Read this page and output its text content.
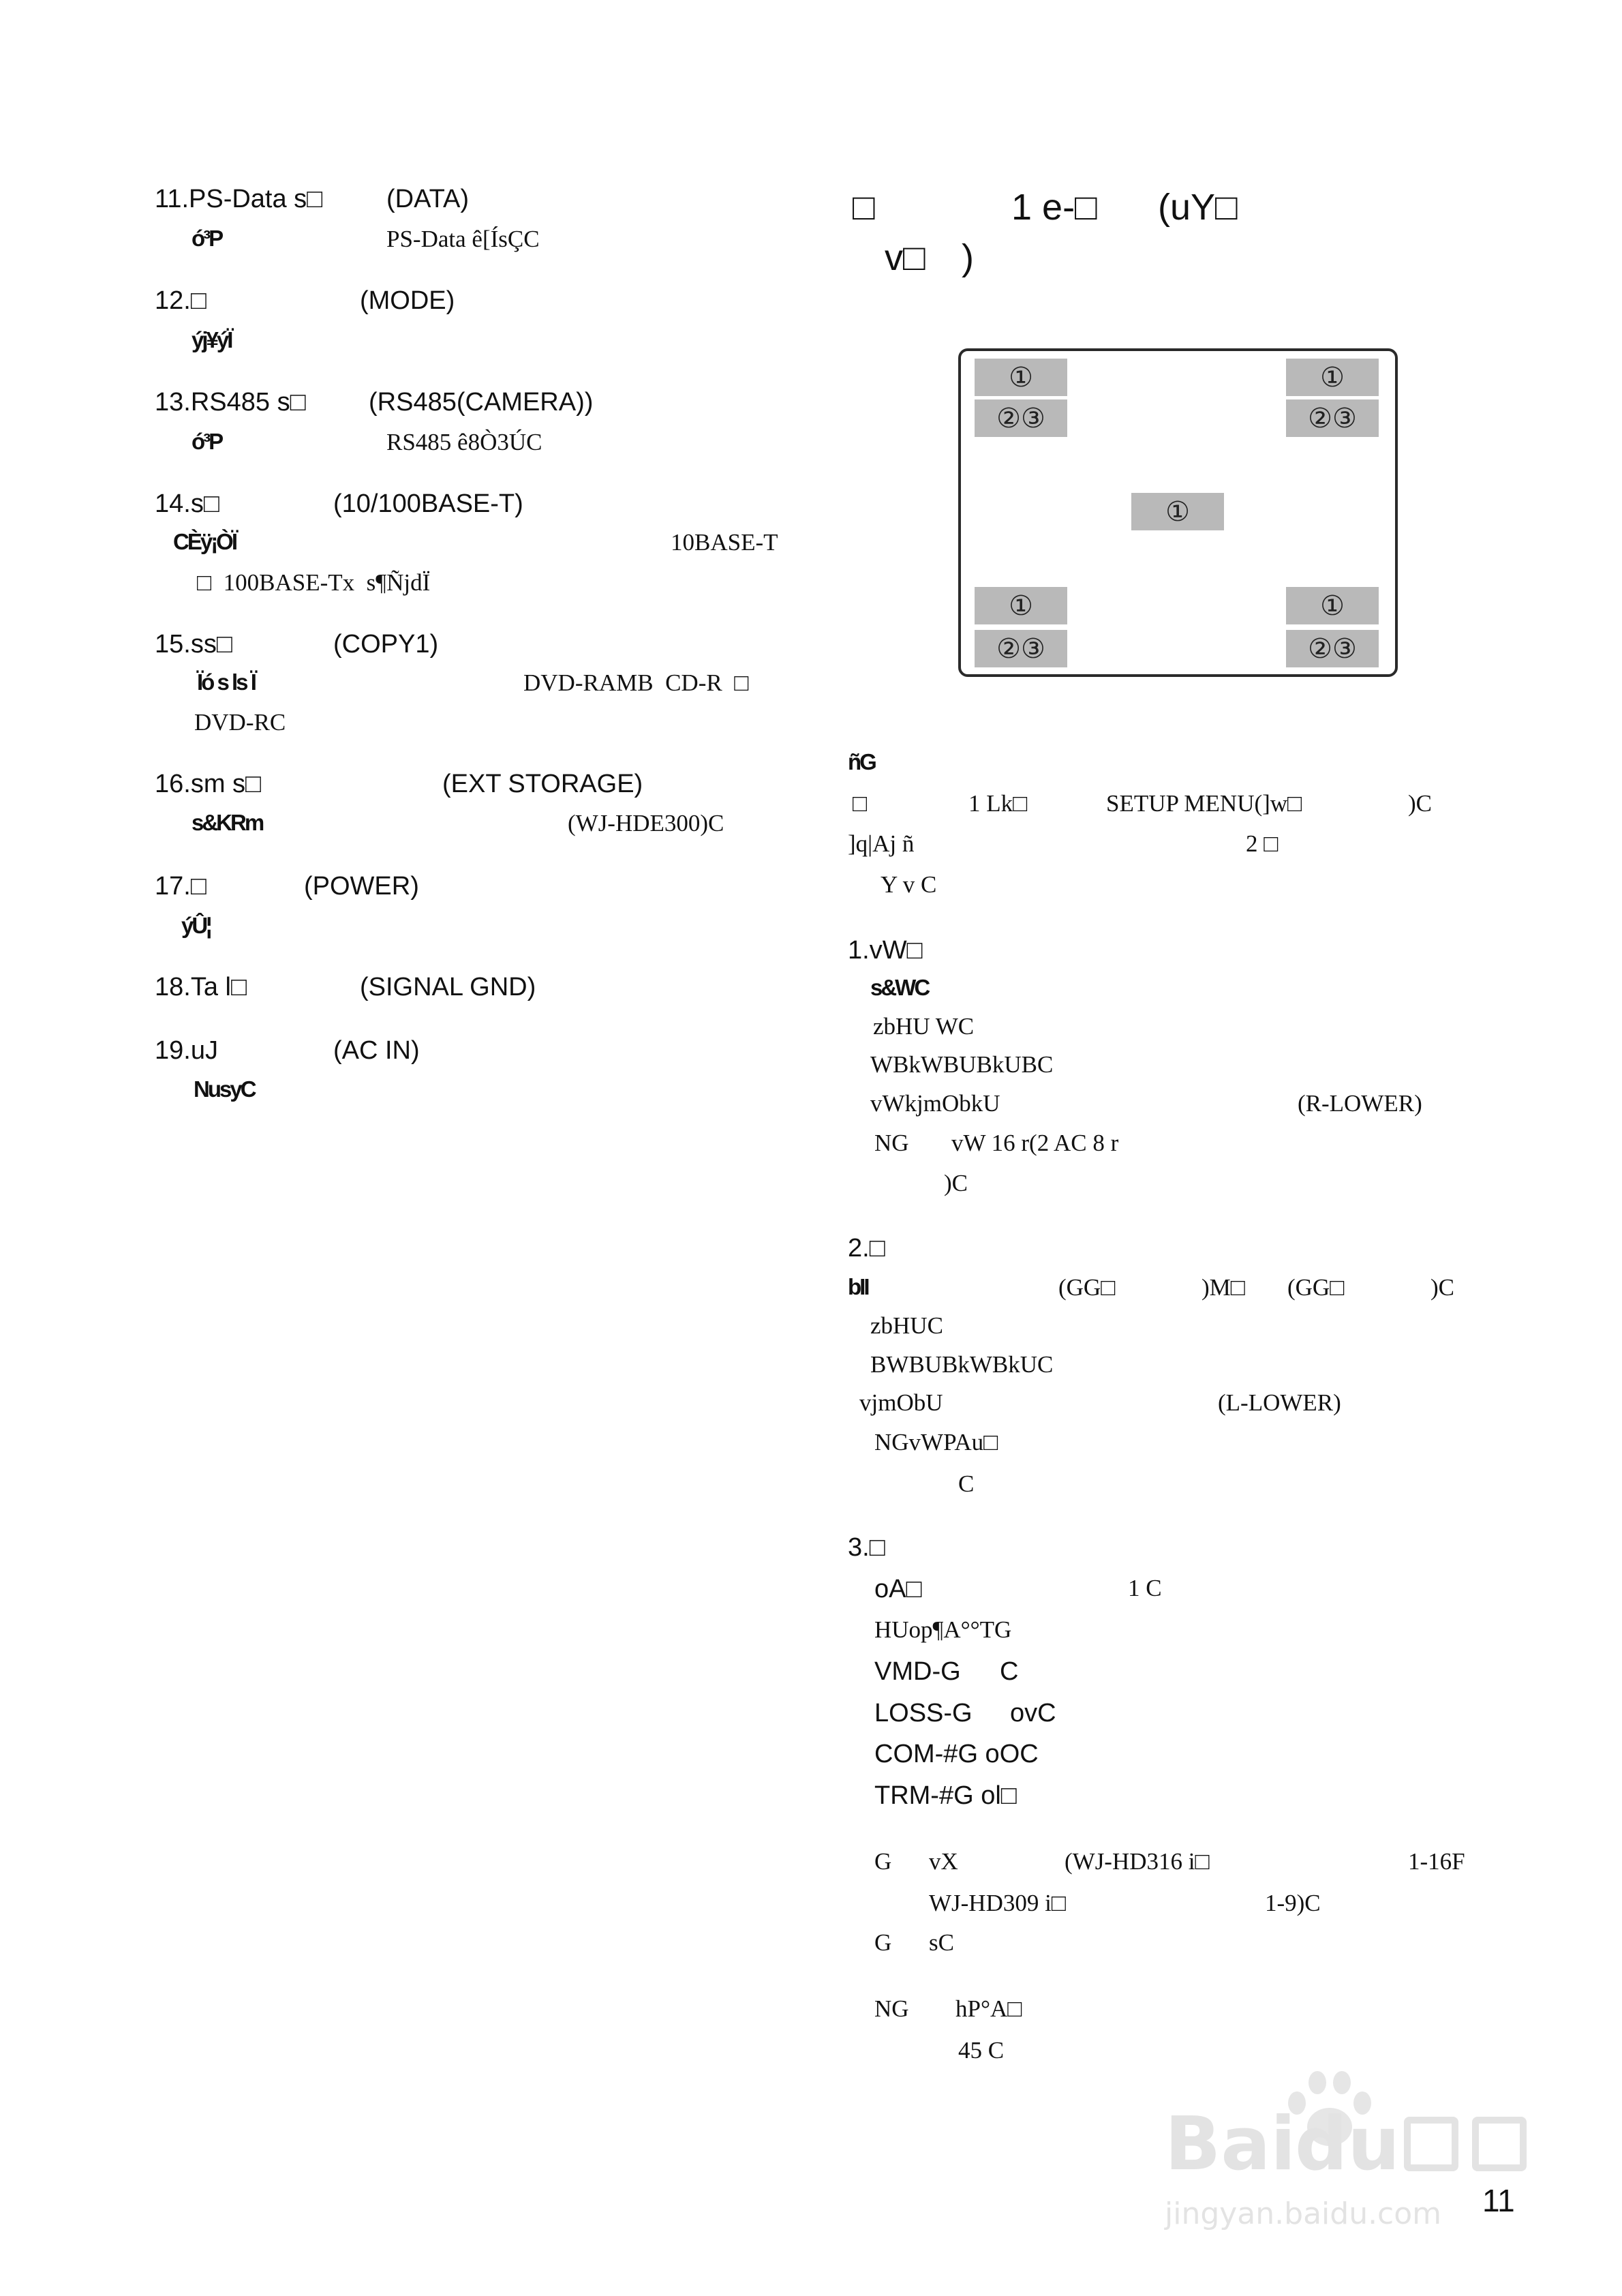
11.PS-Data s□ (DATA)
ó³P	PS-Data ê[ÍsÇC
12.□	(MODE)
ýj¥ýÏ
13.RS485 s□ (RS485(CAMERA))
ó³P	RS485 ê8Ò3ÚC
14.s□	(10/100BASE-T)
CÈÿ¡ÒÏ	10BASE-T
□  100BASE-Tx  s¶ÑjdÏ
15.ss□	(COPY1)
Ïó s ls Ï	DVD-RAMB  CD-R  □
DVD-RC
16.sm s□	(EXT STORAGE)
s&KRm	(WJ-HDE300)C
17.□	(POWER)
ýÛ¦
18.Ta l□	(SIGNAL GND)
19.uJ	(AC IN)
NusyC
□	1 e-□ (uY□
v□ )
①
②③
①
②③
①
①
②③
①
②③
ñG
□	1 Lk□	SETUP MENU(]w□	)C
]q|Aj ñ	2 □
Y v C
1.vW□
s&WC
zbHU WC
WBkWBUBkUBC
vWkjmObkU	(R-LOWER)
NG vW 16 r(2 AC 8 r
)C
2.□
bII	(GG□	)M□ (GG□	)C
zbHUC
BWBUBkWBkUC
vjmObU	(L-LOWER)
NGvWPAu□
C
3.□
oA□	1 C
HUop¶A°°TG
VMD-G C
LOSS-G ovC
COM-#G oOC
TRM-#G ol□
G vX	(WJ-HD316 i□	1-16F
WJ-HD309 i□	1-9)C
G sC
NG hP°A□
45 C
Bai
du
jingyan.baidu.com 11
